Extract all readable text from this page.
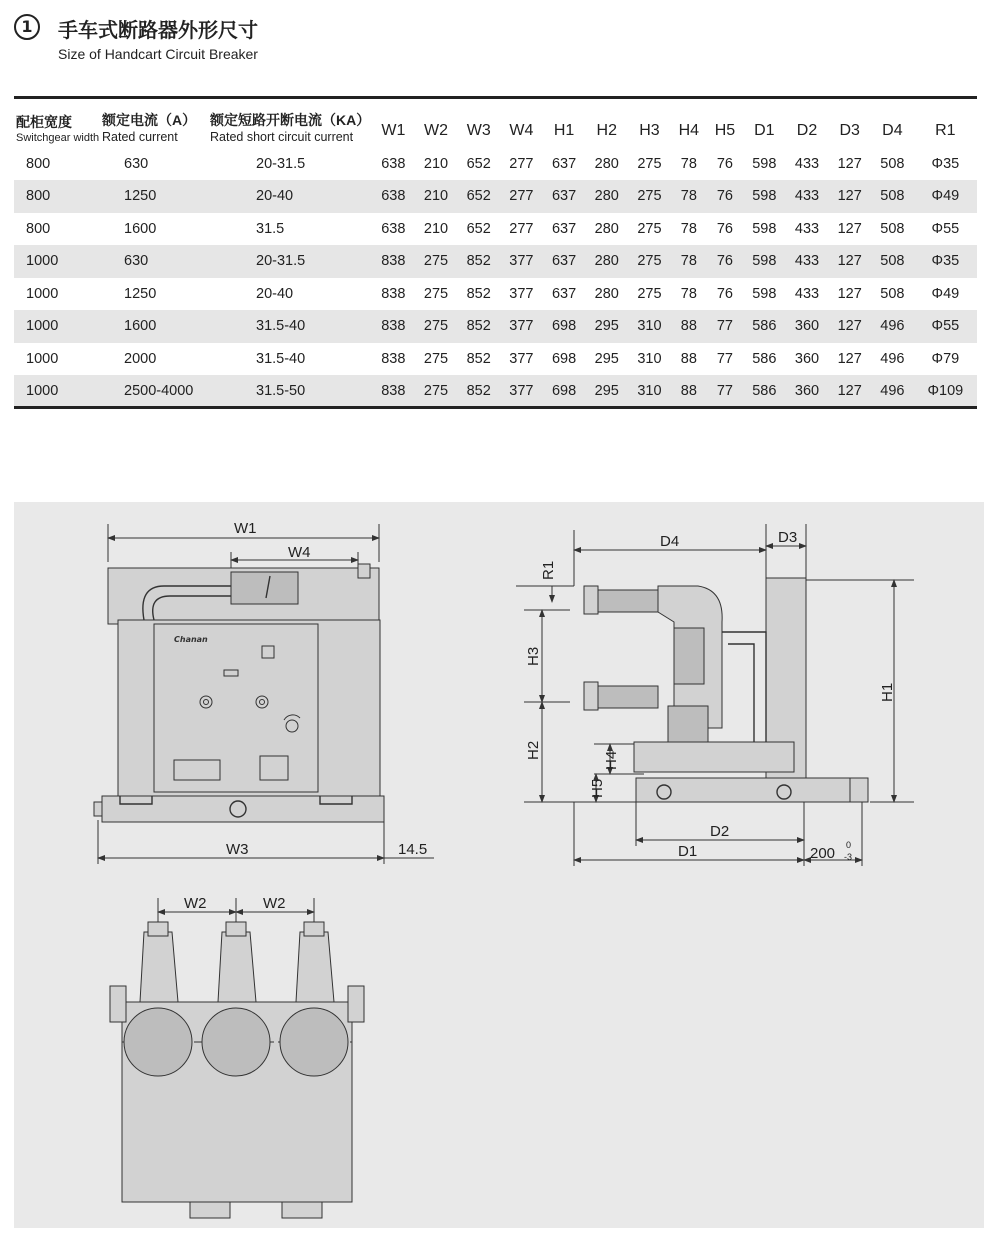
1	手车式断路器外形尺寸
Size of Handcart Circuit Breaker
配柜宽度
Switchgear width	额定电流（A）
Rated current	额定短路开断电流（KA）
Rated short circuit current	W1	W2	W3	W4	H1	H2	H3	H4	H5	D1	D2	D3	D4	R1
800	630	20-31.5	638	210	652	277	637	280	275	78	76	598	433	127	508	Φ35
800	1250	20-40	638	210	652	277	637	280	275	78	76	598	433	127	508	Φ49
800	1600	31.5	638	210	652	277	637	280	275	78	76	598	433	127	508	Φ55
1000	630	20-31.5	838	275	852	377	637	280	275	78	76	598	433	127	508	Φ35
1000	1250	20-40	838	275	852	377	637	280	275	78	76	598	433	127	508	Φ49
1000	1600	31.5-40	838	275	852	377	698	295	310	88	77	586	360	127	496	Φ55
1000	2000	31.5-40	838	275	852	377	698	295	310	88	77	586	360	127	496	Φ79
1000	2500-4000	31.5-50	838	275	852	377	698	295	310	88	77	586	360	127	496	Φ109
W1
W4
Chanan
W3	14.5
D4	D3
R1
H3
H2
H4
H5
H1
D2
D1	200 0
-3
W2	W2
